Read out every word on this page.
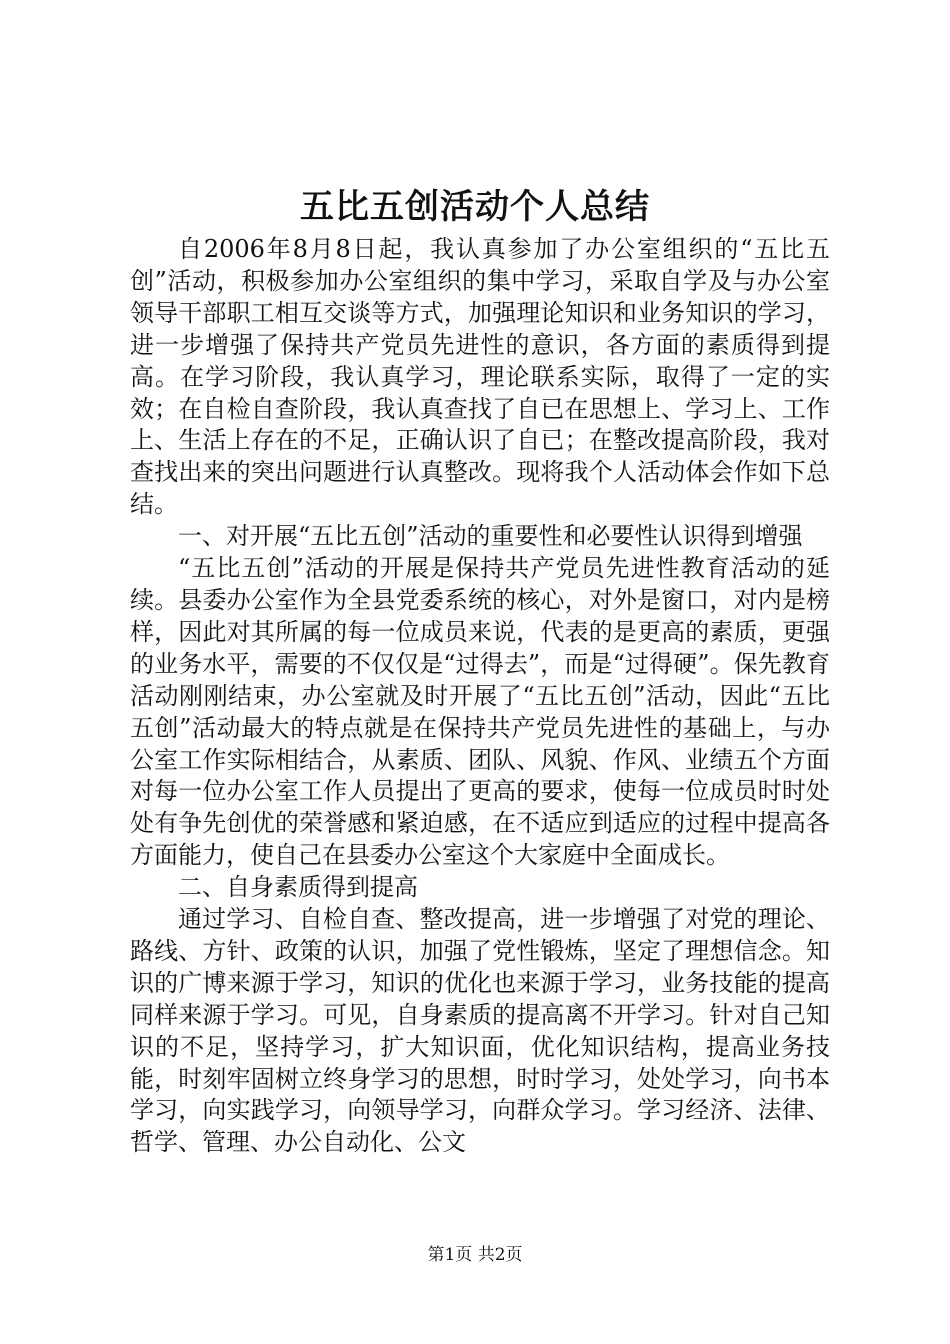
五比五创活动个人总结

自2006年8月8日起，我认真参加了办公室组织的“五比五创”活动，积极参加办公室组织的集中学习，采取自学及与办公室领导干部职工相互交谈等方式，加强理论知识和业务知识的学习，进一步增强了保持共产党员先进性的意识，各方面的素质得到提高。在学习阶段，我认真学习，理论联系实际，取得了一定的实效；在自检自查阶段，我认真查找了自已在思想上、学习上、工作上、生活上存在的不足，正确认识了自已；在整改提高阶段，我对查找出来的突出问题进行认真整改。现将我个人活动体会作如下总结。

一、对开展“五比五创”活动的重要性和必要性认识得到增强

“五比五创”活动的开展是保持共产党员先进性教育活动的延续。县委办公室作为全县党委系统的核心，对外是窗口，对内是榜样，因此对其所属的每一位成员来说，代表的是更高的素质，更强的业务水平，需要的不仅仅是“过得去”，而是“过得硬”。保先教育活动刚刚结束，办公室就及时开展了“五比五创”活动，因此“五比五创”活动最大的特点就是在保持共产党员先进性的基础上，与办公室工作实际相结合，从素质、团队、风貌、作风、业绩五个方面对每一位办公室工作人员提出了更高的要求，使每一位成员时时处处有争先创优的荣誉感和紧迫感，在不适应到适应的过程中提高各方面能力，使自己在县委办公室这个大家庭中全面成长。

二、自身素质得到提高

通过学习、自检自查、整改提高，进一步增强了对党的理论、路线、方针、政策的认识，加强了党性锻炼，坚定了理想信念。知识的广博来源于学习，知识的优化也来源于学习，业务技能的提高同样来源于学习。可见，自身素质的提高离不开学习。针对自己知识的不足，坚持学习，扩大知识面，优化知识结构，提高业务技能，时刻牢固树立终身学习的思想，时时学习，处处学习，向书本学习，向实践学习，向领导学习，向群众学习。学习经济、法律、哲学、管理、办公自动化、公文

第1页 共2页
